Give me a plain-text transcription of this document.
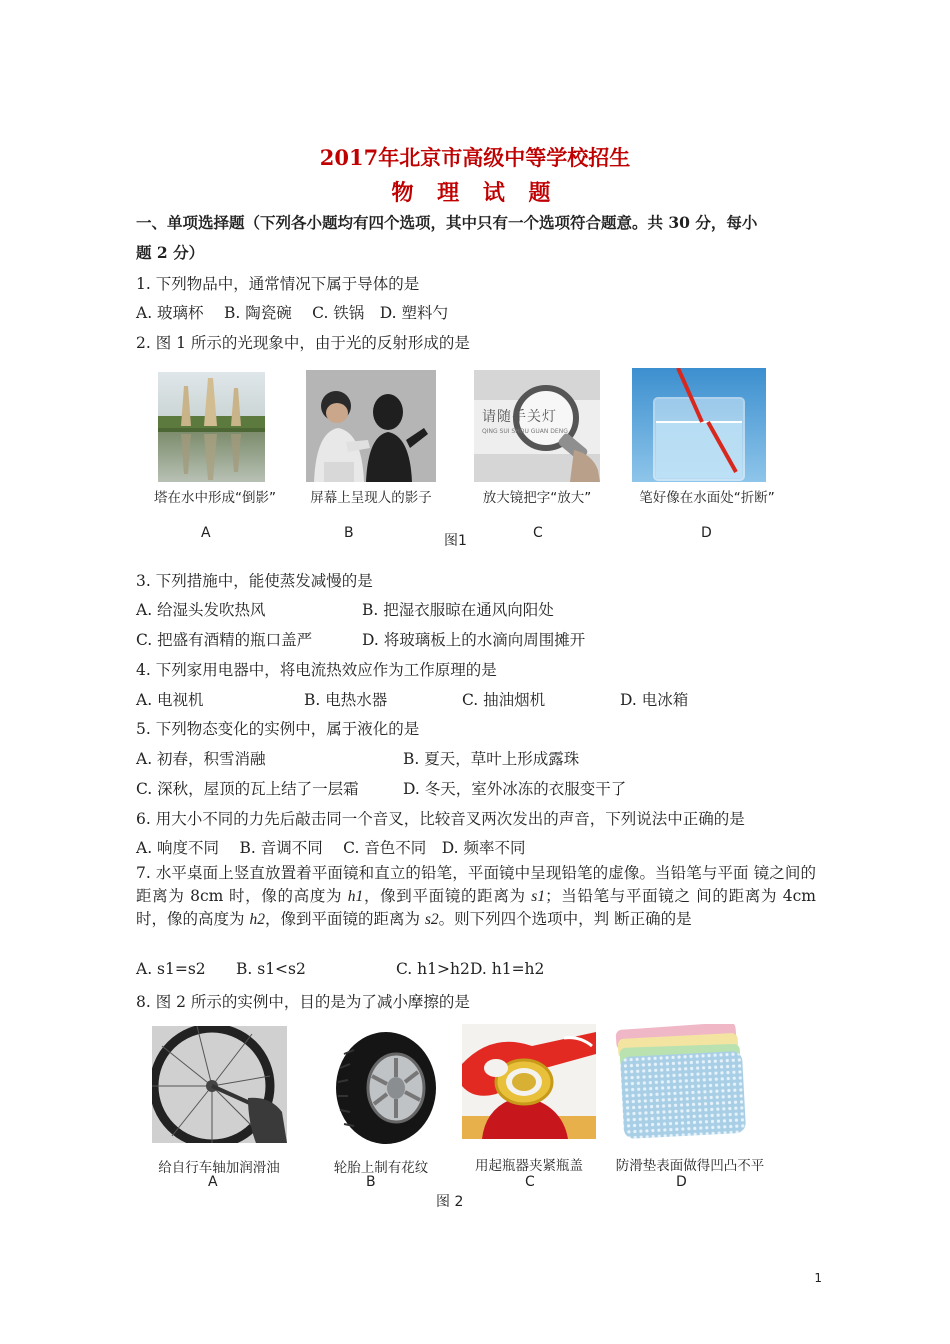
2017年北京市高级中等学校招生
物 理 试 题
一、单项选择题（下列各小题均有四个选项，其中只有一个选项符合题意。共 30 分，每小
题 2 分）
1. 下列物品中，通常情况下属于导体的是
A. 玻璃杯　 B. 陶瓷碗　 C. 铁锅　D. 塑料勺
2. 图 1 所示的光现象中，由于光的反射形成的是
请随手关灯
QING SUI SHOU GUAN DENG
塔在水中形成“倒影”	屏幕上呈现人的影子	放大镜把字“放大”	笔好像在水面处“折断”
A	B	图1	C	D
3. 下列措施中，能使蒸发减慢的是
A. 给湿头发吹热风	B. 把湿衣服晾在通风向阳处
C. 把盛有酒精的瓶口盖严	D. 将玻璃板上的水滴向周围摊开
4. 下列家用电器中，将电流热效应作为工作原理的是
A. 电视机	B. 电热水器	C. 抽油烟机	D. 电冰箱
5. 下列物态变化的实例中，属于液化的是
A. 初春，积雪消融	B. 夏天，草叶上形成露珠
C. 深秋，屋顶的瓦上结了一层霜	D. 冬天，室外冰冻的衣服变干了
6. 用大小不同的力先后敲击同一个音叉，比较音叉两次发出的声音，下列说法中正确的是
A. 响度不同　 B. 音调不同　 C. 音色不同　D. 频率不同
7. 水平桌面上竖直放置着平面镜和直立的铅笔，平面镜中呈现铅笔的虚像。当铅笔与平面 镜之间的距离为 8cm 时，像的高度为 h1，像到平面镜的距离为 s1；当铅笔与平面镜之 间的距离为 4cm 时，像的高度为 h2，像到平面镜的距离为 s2。则下列四个选项中，判 断正确的是
A. s1=s2 B. s1<s2	C. h1>h2 D. h1=h2
8. 图 2 所示的实例中，目的是为了减小摩擦的是
给自行车轴加润滑油	轮胎上制有花纹	用起瓶器夹紧瓶盖	防滑垫表面做得凹凸不平
A	B	C	D
图 2
1
